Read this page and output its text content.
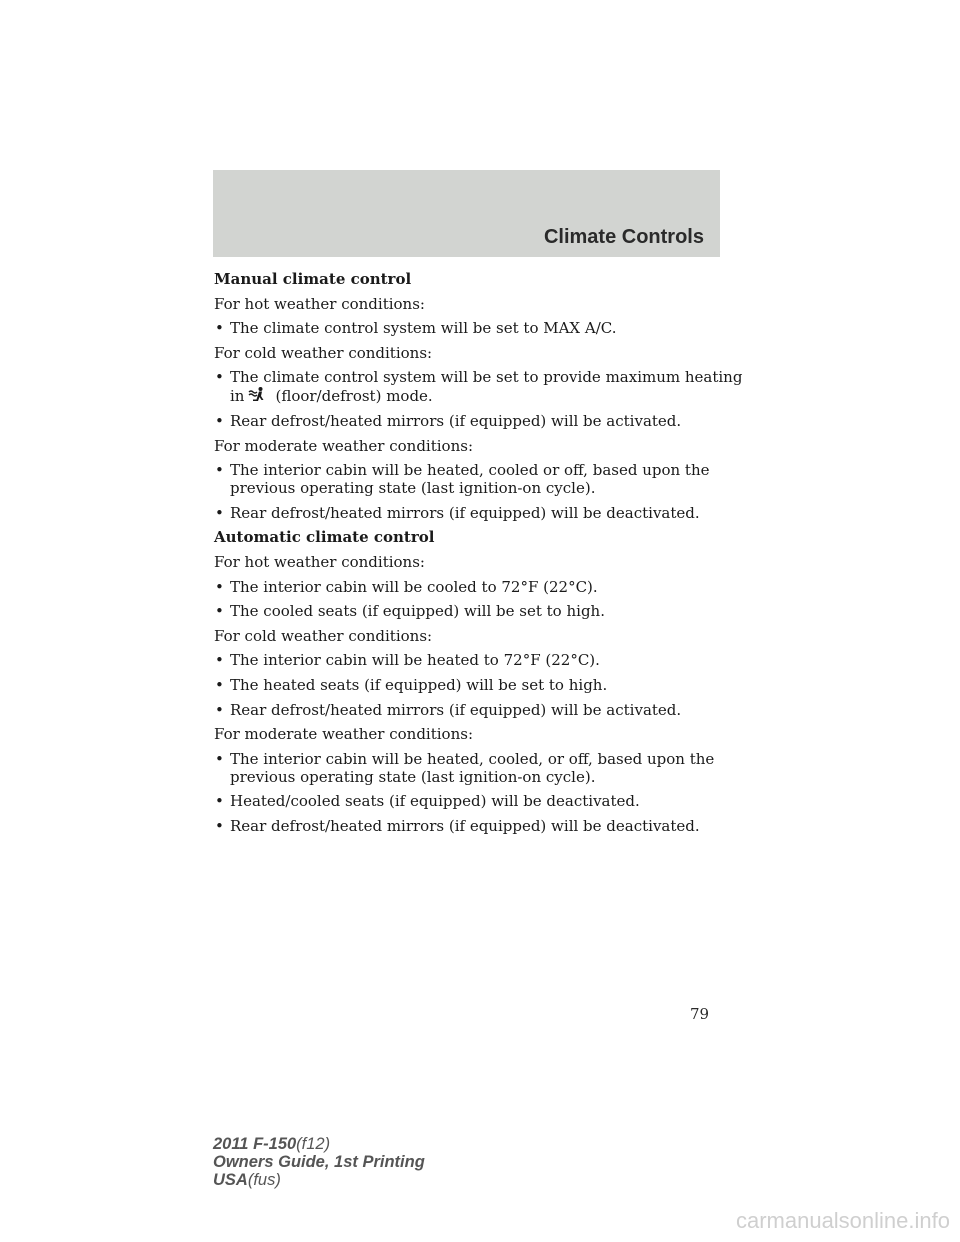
Climate Controls
Manual climate control
For hot weather conditions:
• The climate control system will be set to MAX A/C.
For cold weather conditions:
• The climate control system will be set to provide maximum heating
in (floor/defrost) mode.
• Rear defrost/heated mirrors (if equipped) will be activated.
For moderate weather conditions:
• The interior cabin will be heated, cooled or off, based upon the
previous operating state (last ignition-on cycle).
• Rear defrost/heated mirrors (if equipped) will be deactivated.
Automatic climate control
For hot weather conditions:
• The interior cabin will be cooled to 72°F (22°C).
• The cooled seats (if equipped) will be set to high.
For cold weather conditions:
• The interior cabin will be heated to 72°F (22°C).
• The heated seats (if equipped) will be set to high.
• Rear defrost/heated mirrors (if equipped) will be activated.
For moderate weather conditions:
• The interior cabin will be heated, cooled, or off, based upon the
previous operating state (last ignition-on cycle).
• Heated/cooled seats (if equipped) will be deactivated.
• Rear defrost/heated mirrors (if equipped) will be deactivated.
79
2011 F-150(f12)
Owners Guide, 1st Printing
USA(fus)
carmanualsonline.info
